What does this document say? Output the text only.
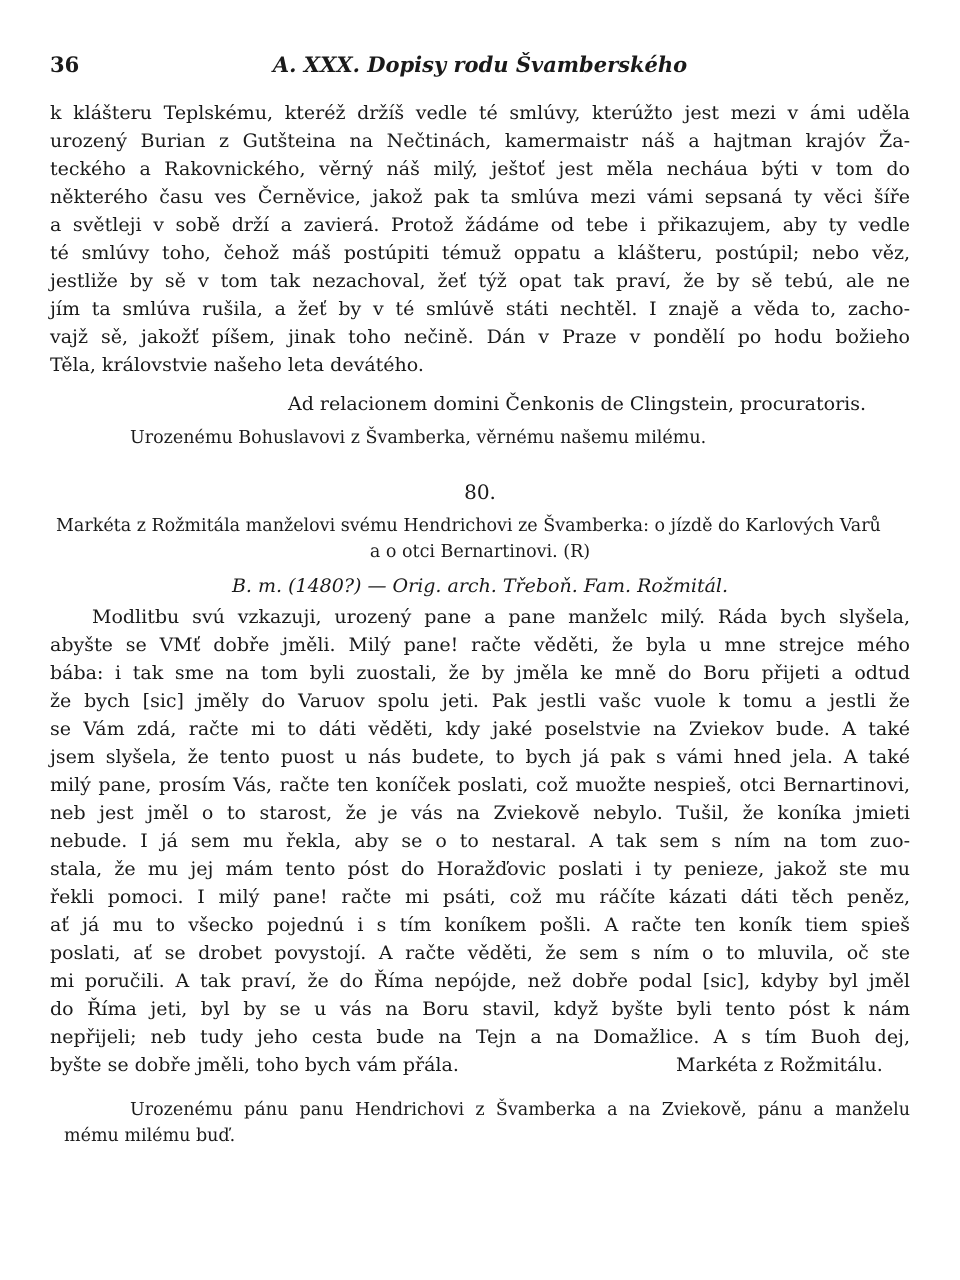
36	A. XXX. Dopisy rodu Švamberského
k klášteru Teplskému, kteréž držíš vedle té smlúvy, kterúžto jest mezi v ámi uděla
urozený Burian z Gutšteina na Nečtinách, kamermaistr náš a hajtman krajóv Ža-
teckého a Rakovnického, věrný náš milý, ještoť jest měla necháua býti v tom do
některého času ves Černěvice, jakož pak ta smlúva mezi vámi sepsaná ty věci šíře
a světleji v sobě drží a zavierá. Protož žádáme od tebe i přikazujem, aby ty vedle
té smlúvy toho, čehož máš postúpiti témuž oppatu a klášteru, postúpil; nebo věz,
jestliže by sě v tom tak nezachoval, žeť týž opat tak praví, že by sě tebú, ale ne
jím ta smlúva rušila, a žeť by v té smlúvě státi nechtěl. I znajě a věda to, zacho-
vajž sě, jakožť píšem, jinak toho nečině. Dán v Praze v pondělí po hodu božieho
Těla, královstvie našeho leta devátého.
Ad relacionem domini Čenkonis de Clingstein, procuratoris.
Urozenému Bohuslavovi z Švamberka, věrnému našemu milému.
80.
Markéta z Rožmitála manželovi svému Hendrichovi ze Švamberka: o jízdě do Karlových Varů
a o otci Bernartinovi. (R)
B. m. (1480?) — Orig. arch. Třeboň. Fam. Rožmitál.
Modlitbu svú vzkazuji, urozený pane a pane manželc milý. Ráda bych slyšela,
abyšte se VMť dobře jměli. Milý pane! račte věděti, že byla u mne strejce mého
bába: i tak sme na tom byli zuostali, že by jměla ke mně do Boru přijeti a odtud
že bych [sic] jměly do Varuov spolu jeti. Pak jestli vašc vuole k tomu a jestli že
se Vám zdá, račte mi to dáti věděti, kdy jaké poselstvie na Zviekov bude. A také
jsem slyšela, že tento puost u nás budete, to bych já pak s vámi hned jela. A také
milý pane, prosím Vás, račte ten koníček poslati, což muožte nespieš, otci Bernartinovi,
neb jest jměl o to starost, že je vás na Zviekově nebylo. Tušil, že koníka jmieti
nebude. I já sem mu řekla, aby se o to nestaral. A tak sem s ním na tom zuo-
stala, že mu jej mám tento póst do Horažďovic poslati i ty penieze, jakož ste mu
řekli pomoci. I milý pane! račte mi psáti, což mu ráčíte kázati dáti těch peněz,
ať já mu to všecko pojednú i s tím koníkem pošli. A račte ten koník tiem spieš
poslati, ať se drobet povystojí. A račte věděti, že sem s ním o to mluvila, oč ste
mi poručili. A tak praví, že do Říma nepójde, než dobře podal [sic], kdyby byl jměl
do Říma jeti, byl by se u vás na Boru stavil, když byšte byli tento póst k nám
nepřijeli; neb tudy jeho cesta bude na Tejn a na Domažlice. A s tím Buoh dej,
byšte se dobře jměli, toho bych vám přála.	Markéta z Rožmitálu.
Urozenému pánu panu Hendrichovi z Švamberka a na Zviekově, pánu a manželu
mému milému buď.
